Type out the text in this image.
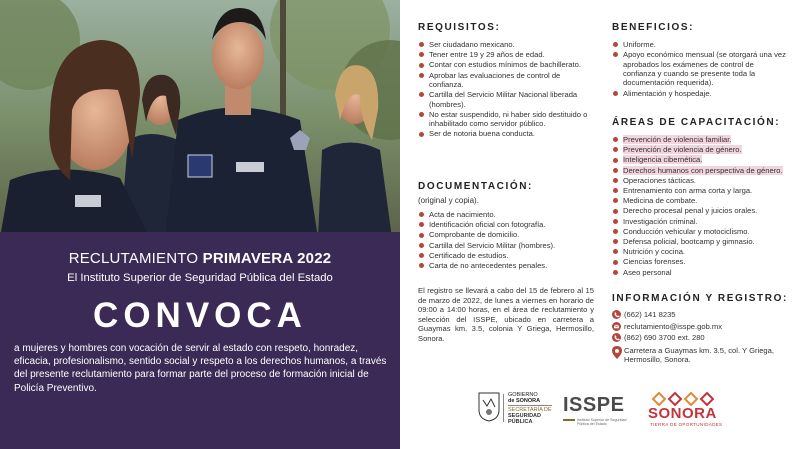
RECLUTAMIENTO PRIMAVERA 2022
El Instituto Superior de Seguridad Pública del Estado
CONVOCA
a mujeres y hombres con vocación de servir al estado con respeto, honradez, eficacia, profesionalismo, sentido social y respeto a los derechos humanos, a través del presente reclutamiento para formar parte del proceso de formación inicial de Policía Preventivo.
REQUISITOS:
Ser ciudadano mexicano.
Tener entre 19 y 29 años de edad.
Contar con estudios mínimos de bachillerato.
Aprobar las evaluaciones de control de confianza.
Cartilla del Servicio Militar Nacional liberada (hombres).
No estar suspendido, ni haber sido destituido o inhabilitado como servidor público.
Ser de notoria buena conducta.
DOCUMENTACIÓN:
(original y copia).
Acta de nacimiento.
Identificación oficial con fotografía.
Comprobante de domicilio.
Cartilla del Servicio Militar (hombres).
Certificado de estudios.
Carta de no antecedentes penales.
El registro se llevará a cabo del 15 de febrero al 15 de marzo de 2022, de lunes a viernes en horario de 09:00 a 14:00 horas, en el área de reclutamiento y selección del ISSPE, ubicado en carretera a Guaymas km. 3.5, colonia Y Griega, Hermosillo, Sonora.
BENEFICIOS:
Uniforme.
Apoyo económico mensual (se otorgará una vez aprobados los exámenes de control de confianza y cuando se presente toda la documentación requerida).
Alimentación y hospedaje.
ÁREAS DE CAPACITACIÓN:
Prevención de violencia familiar.
Prevención de violencia de género.
Inteligencia cibernética.
Derechos humanos con perspectiva de género.
Operaciones tácticas.
Entrenamiento con arma corta y larga.
Medicina de combate.
Derecho procesal penal y juicios orales.
Investigación criminal.
Conducción vehicular y motociclismo.
Defensa policial, bootcamp y gimnasio.
Nutrición y cocina.
Ciencias forenses.
Aseo personal
INFORMACIÓN Y REGISTRO:
(662) 141 8235
reclutamiento@isspe.gob.mx
(862) 690 3700 ext. 280
Carretera a Guaymas km. 3.5, col. Y Griega, Hermosillo, Sonora.
GOBIERNO
de SONORA
SECRETARÍA DE
SEGURIDAD
PÚBLICA
ISSPE
Instituto Superior de Seguridad Pública del Estado
SONORA
TIERRA DE OPORTUNIDADES
